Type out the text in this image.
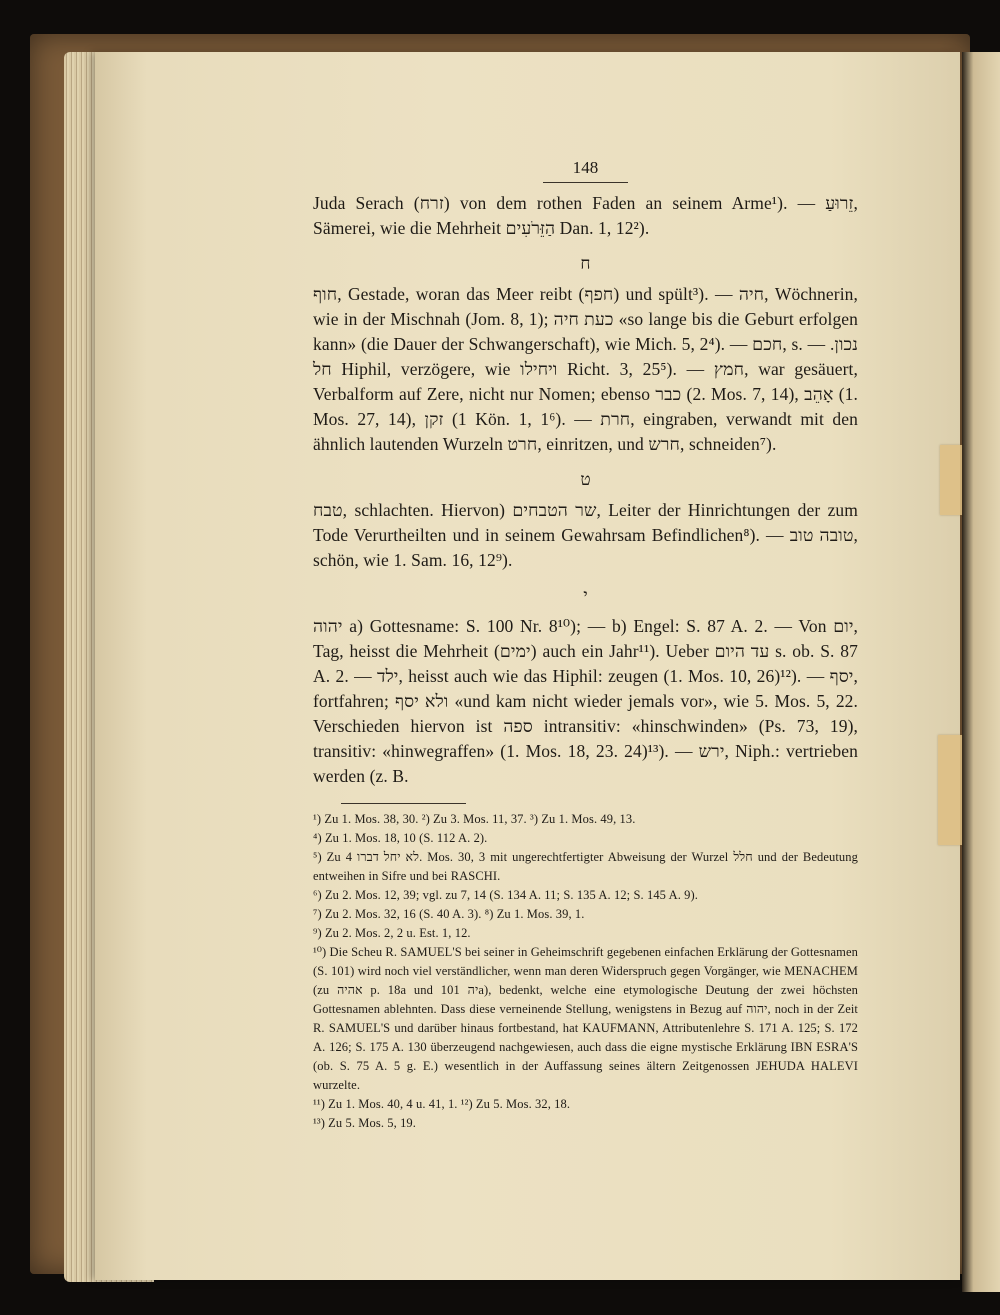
148

Juda Serach (זרח) von dem rothen Faden an seinem Arme¹). — זֵרוּעַ, Sämerei, wie die Mehrheit הַזֵּרֹעִים Dan. 1, 12²).

ח

חוף, Gestade, woran das Meer reibt (חפף) und spült³). — חיה, Wöchnerin, wie in der Mischnah (Jom. 8, 1); כעת חיה «so lange bis die Geburt erfolgen kann» (die Dauer der Schwangerschaft), wie Mich. 5, 2⁴). — חכם, s. נכון. — חל Hiphil, verzögere, wie ויחילו Richt. 3, 25⁵). — חמץ, war gesäuert, Verbalform auf Zere, nicht nur Nomen; ebenso כבר (2. Mos. 7, 14), אָהֵב (1. Mos. 27, 14), זקן (1 Kön. 1, 1⁶). — חרת, eingraben, verwandt mit den ähnlich lautenden Wurzeln חרט, einritzen, und חרש, schneiden⁷).

ט

טבח, schlachten. Hiervon) שר הטבחים, Leiter der Hinrichtungen der zum Tode Verurtheilten und in seinem Gewahrsam Befindlichen⁸). — טובה טוב, schön, wie 1. Sam. 16, 12⁹).

י

יהוה a) Gottesname: S. 100 Nr. 8¹⁰); — b) Engel: S. 87 A. 2. — Von יום, Tag, heisst die Mehrheit (ימים) auch ein Jahr¹¹). Ueber עד היום s. ob. S. 87 A. 2. — ילד, heisst auch wie das Hiphil: zeugen (1. Mos. 10, 26)¹²). — יסף, fortfahren; ולא יסף «und kam nicht wieder jemals vor», wie 5. Mos. 5, 22. Verschieden hiervon ist ספה intransitiv: «hinschwinden» (Ps. 73, 19), transitiv: «hinwegraffen» (1. Mos. 18, 23. 24)¹³). — ירש, Niph.: vertrieben werden (z. B.

¹) Zu 1. Mos. 38, 30. ²) Zu 3. Mos. 11, 37. ³) Zu 1. Mos. 49, 13.

⁴) Zu 1. Mos. 18, 10 (S. 112 A. 2).

⁵) Zu לא יחל דברו 4. Mos. 30, 3 mit ungerechtfertigter Abweisung der Wurzel חלל und der Bedeutung entweihen in Sifre und bei RASCHI.

⁶) Zu 2. Mos. 12, 39; vgl. zu 7, 14 (S. 134 A. 11; S. 135 A. 12; S. 145 A. 9).

⁷) Zu 2. Mos. 32, 16 (S. 40 A. 3). ⁸) Zu 1. Mos. 39, 1.

⁹) Zu 2. Mos. 2, 2 u. Est. 1, 12.

¹⁰) Die Scheu R. SAMUEL'S bei seiner in Geheimschrift gegebenen einfachen Erklärung der Gottesnamen (S. 101) wird noch viel verständlicher, wenn man deren Widerspruch gegen Vorgänger, wie MENACHEM (zu אהיה p. 18a und יה 101a), bedenkt, welche eine etymologische Deutung der zwei höchsten Gottesnamen ablehnten. Dass diese verneinende Stellung, wenigstens in Bezug auf יהוה, noch in der Zeit R. SAMUEL'S und darüber hinaus fortbestand, hat KAUFMANN, Attributenlehre S. 171 A. 125; S. 172 A. 126; S. 175 A. 130 überzeugend nachgewiesen, auch dass die eigne mystische Erklärung IBN ESRA'S (ob. S. 75 A. 5 g. E.) wesentlich in der Auffassung seines ältern Zeitgenossen JEHUDA HALEVI wurzelte.

¹¹) Zu 1. Mos. 40, 4 u. 41, 1. ¹²) Zu 5. Mos. 32, 18.

¹³) Zu 5. Mos. 5, 19.
